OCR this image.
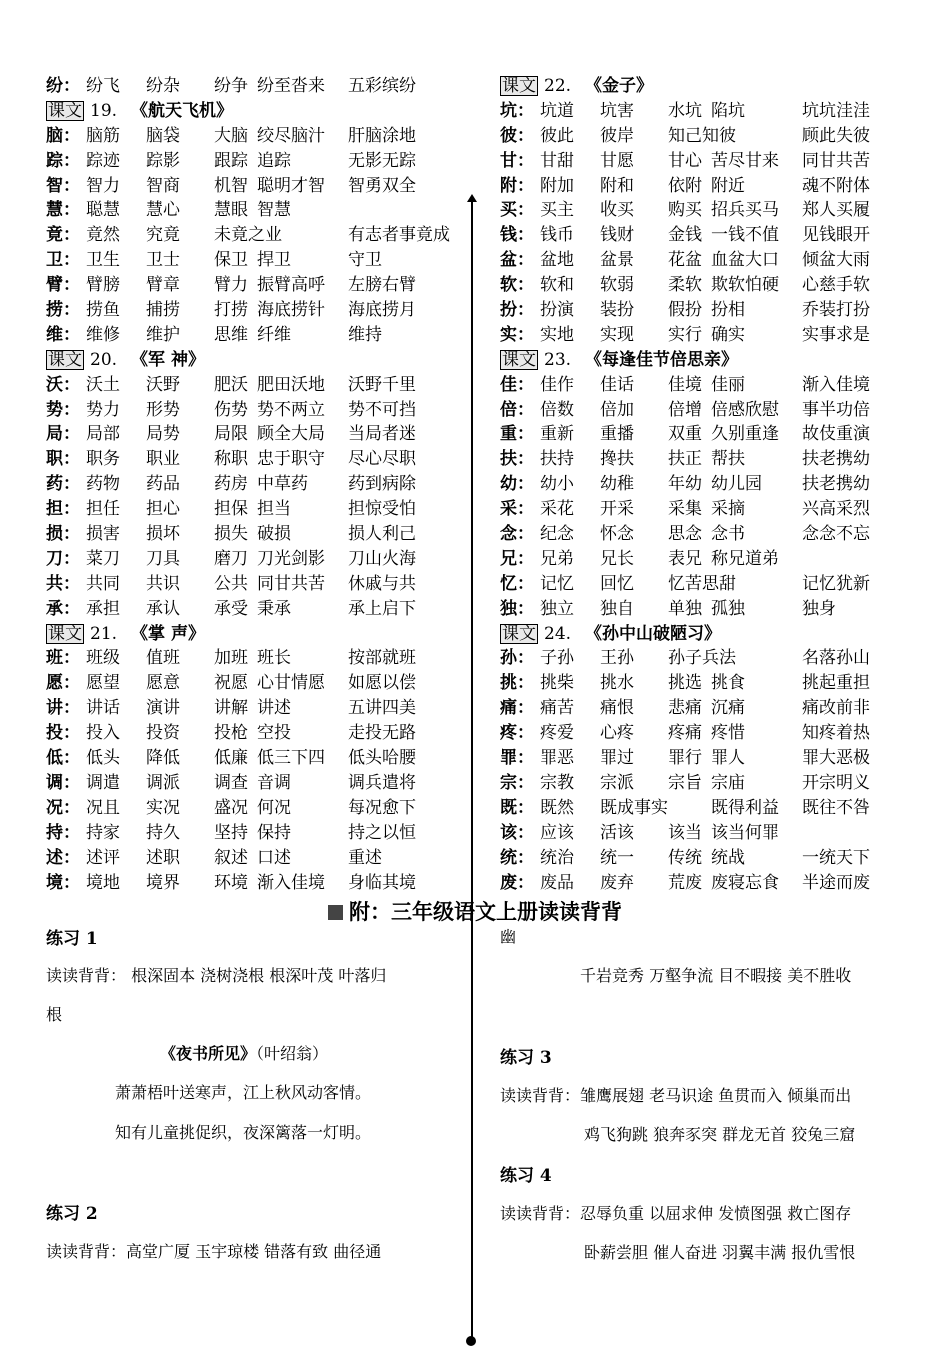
纷： 纷飞 纷杂 纷争 纷至沓来 五彩缤纷
课文 19. 《航天飞机》
脑： 脑筋 脑袋 大脑 绞尽脑汁 肝脑涂地
踪： 踪迹 踪影 跟踪 追踪	无影无踪
智： 智力 智商 机智 聪明才智 智勇双全
慧： 聪慧 慧心 慧眼 智慧
竟： 竟然 究竟 未竟之业	有志者事竟成
卫： 卫生 卫士 保卫 捍卫	守卫
臂： 臂膀 臂章 臂力 振臂高呼 左膀右臂
捞： 捞鱼 捕捞 打捞 海底捞针 海底捞月
维： 维修 维护 思维 纤维	维持
课文 20. 《军 神》
沃： 沃土 沃野 肥沃 肥田沃地 沃野千里
势： 势力 形势 伤势 势不两立 势不可挡
局： 局部 局势 局限 顾全大局 当局者迷
职： 职务 职业 称职 忠于职守 尽心尽职
药： 药物 药品 药房 中草药 药到病除
担： 担任 担心 担保 担当	担惊受怕
损： 损害 损坏 损失 破损	损人利己
刀： 菜刀 刀具 磨刀 刀光剑影 刀山火海
共： 共同 共识 公共 同甘共苦 休戚与共
承： 承担 承认 承受 秉承	承上启下
课文 21. 《掌 声》
班： 班级 值班 加班 班长	按部就班
愿： 愿望 愿意 祝愿 心甘情愿 如愿以偿
讲： 讲话 演讲 讲解 讲述	五讲四美
投： 投入 投资 投枪 空投	走投无路
低： 低头 降低 低廉 低三下四 低头哈腰
调： 调遣 调派 调查 音调	调兵遣将
况： 况且 实况 盛况 何况	每况愈下
持： 持家 持久 坚持 保持	持之以恒
述： 述评 述职 叙述 口述	重述
境： 境地 境界 环境 渐入佳境 身临其境
课文 22. 《金子》
坑： 坑道 坑害 水坑 陷坑	坑坑洼洼
彼： 彼此 彼岸 知己知彼	顾此失彼
甘： 甘甜 甘愿 甘心 苦尽甘来 同甘共苦
附： 附加 附和 依附 附近	魂不附体
买： 买主 收买 购买 招兵买马 郑人买履
钱： 钱币 钱财 金钱 一钱不值 见钱眼开
盆： 盆地 盆景 花盆 血盆大口 倾盆大雨
软： 软和 软弱 柔软 欺软怕硬 心慈手软
扮： 扮演 装扮 假扮 扮相	乔装打扮
实： 实地 实现 实行 确实	实事求是
课文 23. 《每逢佳节倍思亲》
佳： 佳作 佳话 佳境 佳丽	渐入佳境
倍： 倍数 倍加 倍增 倍感欣慰 事半功倍
重： 重新 重播 双重 久别重逢 故伎重演
扶： 扶持 搀扶 扶正 帮扶	扶老携幼
幼： 幼小 幼稚 年幼 幼儿园 扶老携幼
采： 采花 开采 采集 采摘	兴高采烈
念： 纪念 怀念 思念 念书	念念不忘
兄： 兄弟 兄长 表兄 称兄道弟
忆： 记忆 回忆 忆苦思甜	记忆犹新
独： 独立 独自 单独 孤独	独身
课文 24. 《孙中山破陋习》
孙： 子孙 王孙 孙子兵法	名落孙山
挑： 挑柴 挑水 挑选 挑食	挑起重担
痛： 痛苦 痛恨 悲痛 沉痛	痛改前非
疼： 疼爱 心疼 疼痛 疼惜	知疼着热
罪： 罪恶 罪过 罪行 罪人	罪大恶极
宗： 宗教 宗派 宗旨 宗庙	开宗明义
既： 既然 既成事实	既得利益 既往不咎
该： 应该 活该 该当 该当何罪
统： 统治 统一 传统 统战	一统天下
废： 废品 废弃 荒废 废寝忘食 半途而废
附：三年级语文上册读读背背
练习 1
读读背背： 根深固本 浇树浇根 根深叶茂 叶落归
根
《夜书所见》（叶绍翁）
萧萧梧叶送寒声，江上秋风动客情。
知有儿童挑促织，夜深篱落一灯明。
练习 2
读读背背：高堂广厦 玉宇琼楼 错落有致 曲径通
幽
千岩竞秀 万壑争流 目不暇接 美不胜收
练习 3
读读背背：雏鹰展翅 老马识途 鱼贯而入 倾巢而出
鸡飞狗跳 狼奔豕突 群龙无首 狡兔三窟
练习 4
读读背背：忍辱负重 以屈求伸 发愤图强 救亡图存
卧薪尝胆 催人奋进 羽翼丰满 报仇雪恨
